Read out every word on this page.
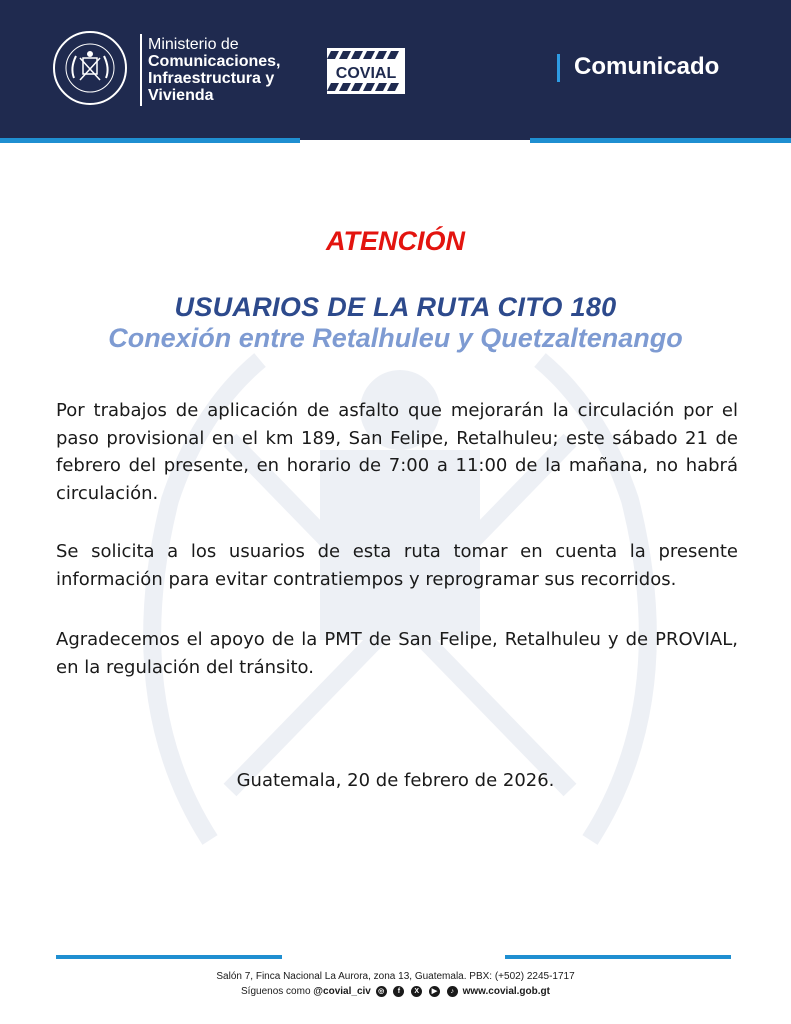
Ministerio de
Comunicaciones,
Infraestructura y
Vivienda
COVIAL	Comunicado
ATENCIÓN
USUARIOS DE LA RUTA CITO 180
Conexión entre Retalhuleu y Quetzaltenango
Por trabajos de aplicación de asfalto que mejorarán la circulación por el paso provisional en el km 189, San Felipe, Retalhuleu; este sábado 21 de febrero del presente, en horario de 7:00 a 11:00 de la mañana, no habrá circulación.
Se solicita a los usuarios de esta ruta tomar en cuenta la presente información para evitar contratiempos y reprogramar sus recorridos.
Agradecemos el apoyo de la PMT de San Felipe, Retalhuleu y de PROVIAL, en la regulación del tránsito.
Guatemala, 20 de febrero de 2026.
Salón 7, Finca Nacional La Aurora, zona 13, Guatemala. PBX: (+502) 2245-1717
Síguenos como @covial_civ ◎ f X ▶ ♪ www.covial.gob.gt
